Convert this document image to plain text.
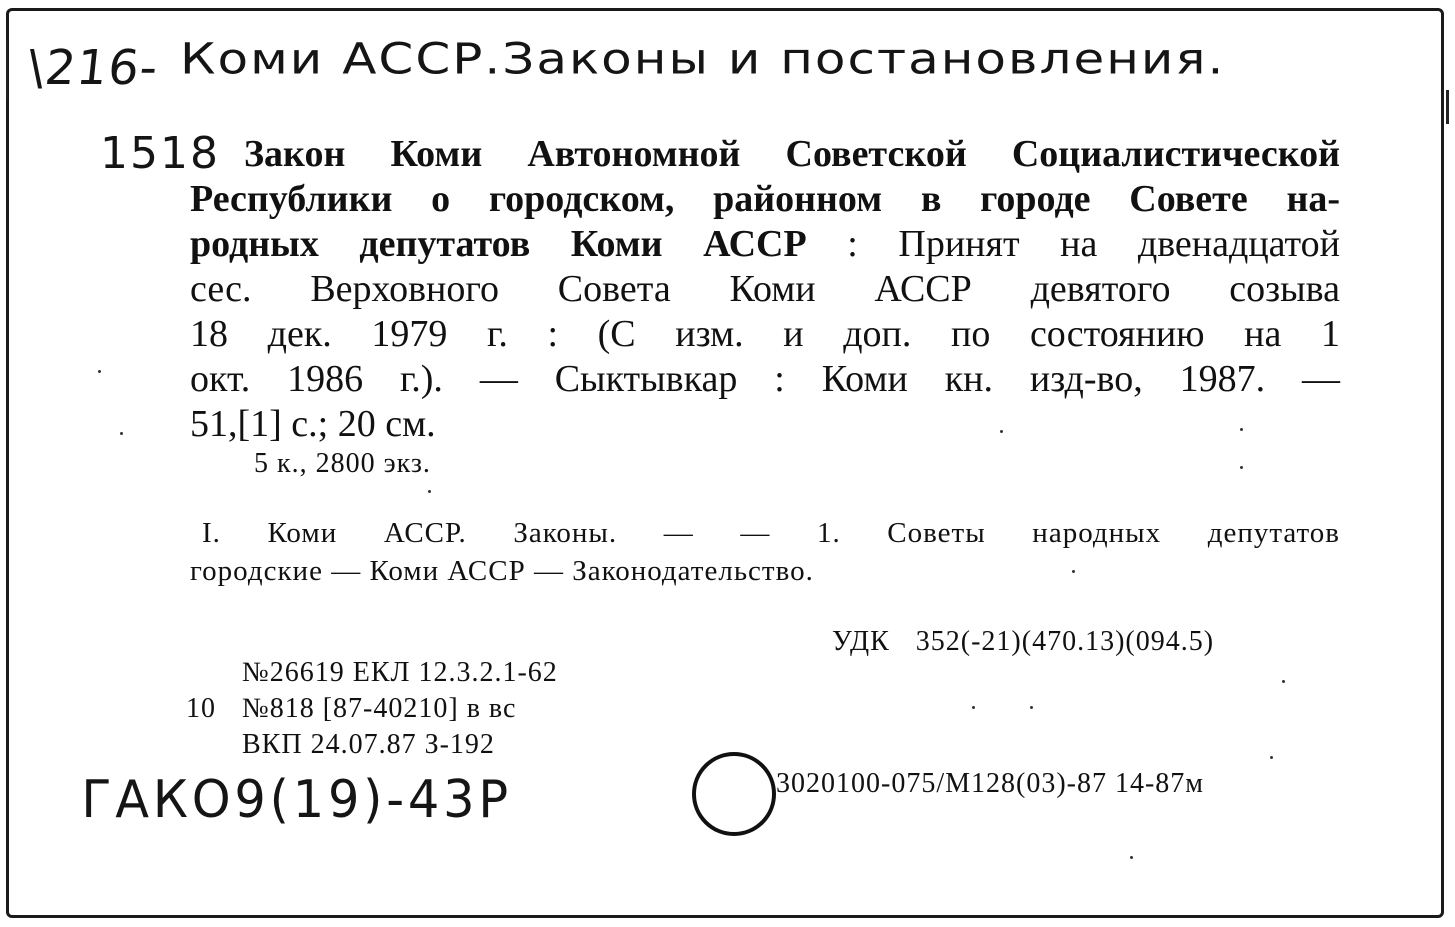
\216- Коми АССР.Законы и постановления.
1518 Закон Коми Автономной Советской Социалистической
Республики о городском, районном в городе Совете на-
родных депутатов Коми АССР : Принят на двенадцатой
сес. Верховного Совета Коми АССР девятого созыва
18 дек. 1979 г. : (С изм. и доп. по состоянию на 1
окт. 1986 г.). — Сыктывкар : Коми кн. изд-во, 1987. —
51,[1] с.; 20 см.
5 к., 2800 экз.
I. Коми АССР. Законы. — — 1. Советы народных депутатов
городские — Коми АССР — Законодательство.
УДК 352(-21)(470.13)(094.5)
№26619 ЕКЛ 12.3.2.1-62
10 №818 [87-40210] в вс
ВКП 24.07.87 З-192
3020100-075/М128(03)-87 14-87м
ГАКО9(19)-43Р
